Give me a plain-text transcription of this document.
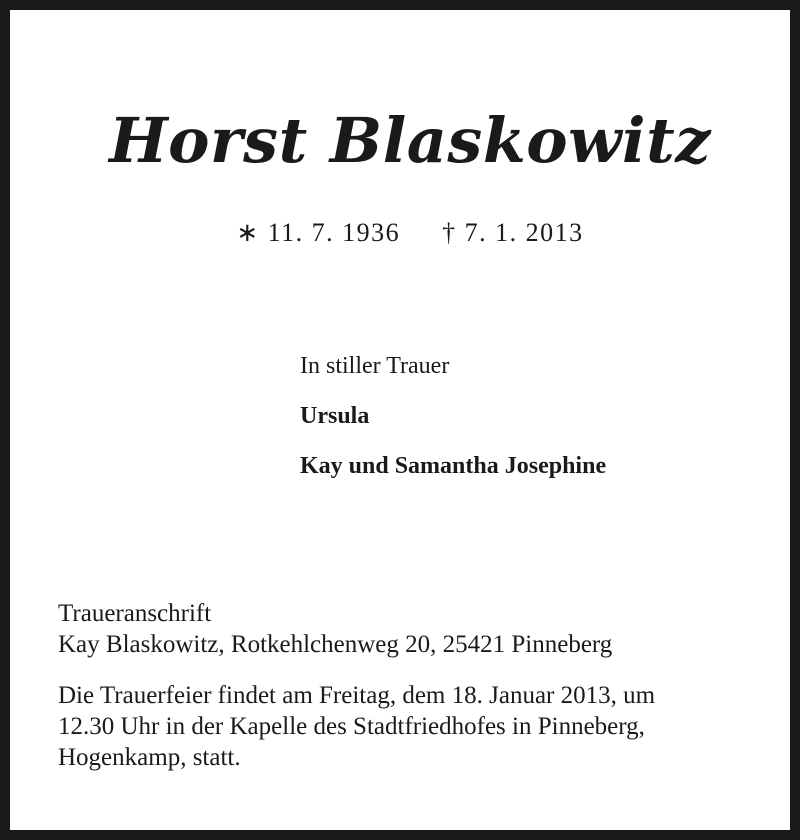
Horst Blaskowitz
∗ 11. 7. 1936 † 7. 1. 2013
In stiller Trauer
Ursula
Kay und Samantha Josephine
Traueranschrift
Kay Blaskowitz, Rotkehlchenweg 20, 25421 Pinneberg
Die Trauerfeier findet am Freitag, dem 18. Januar 2013, um
12.30 Uhr in der Kapelle des Stadtfriedhofes in Pinneberg,
Hogenkamp, statt.
